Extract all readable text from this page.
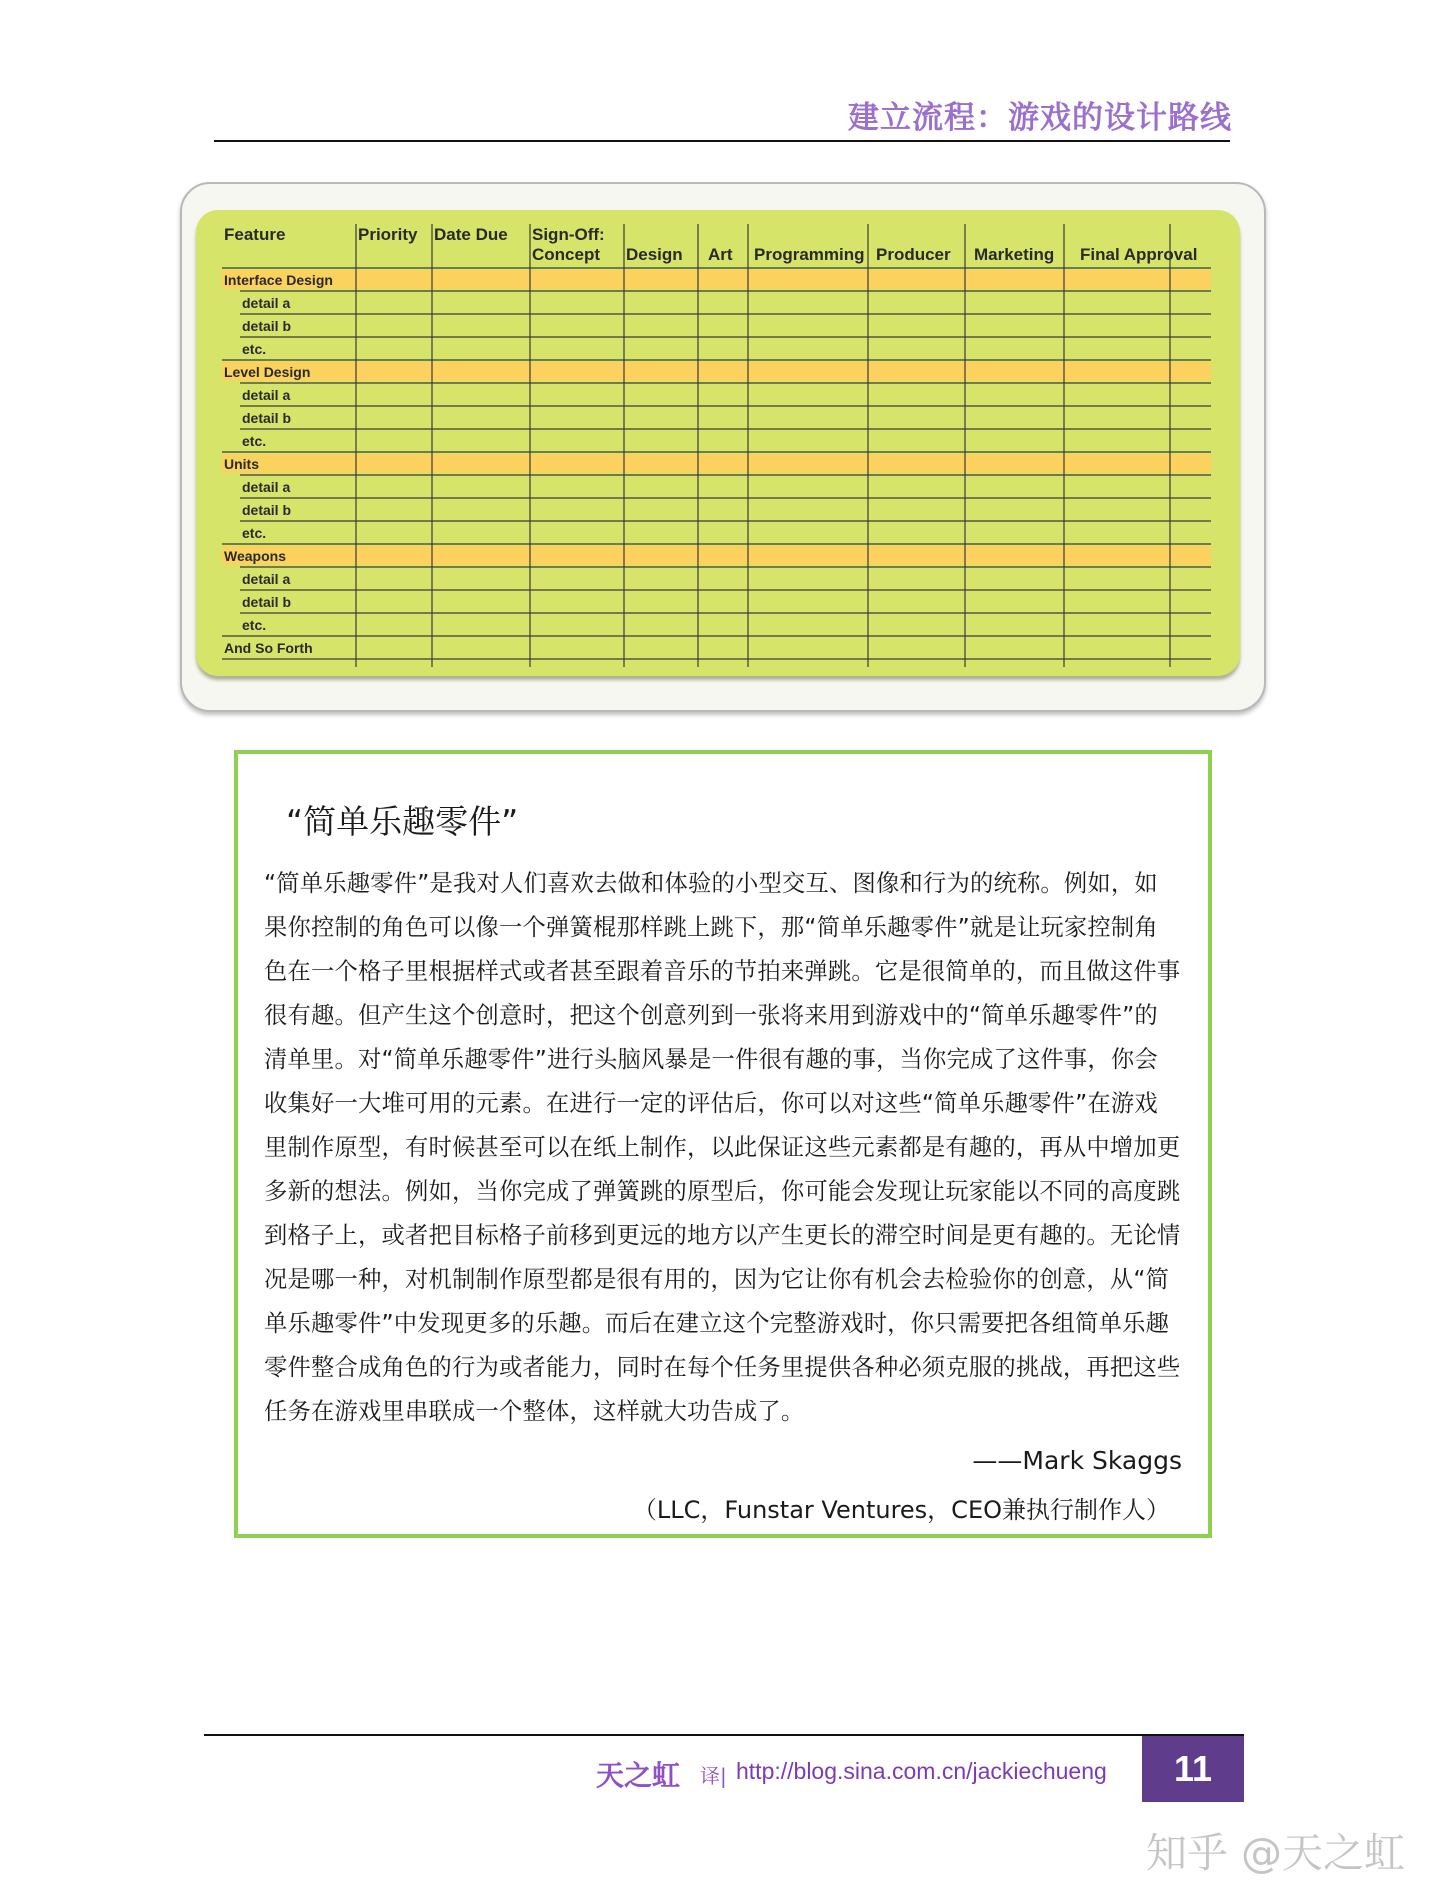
建立流程：游戏的设计路线
Feature	Priority Date Due Sign-Off:
Concept Design Art Programming Producer Marketing Final Approval
Interface Design
detail a
detail b
etc.
Level Design
detail a
detail b
etc.
Units
detail a
detail b
etc.
Weapons
detail a
detail b
etc.
And So Forth
“简单乐趣零件”
“简单乐趣零件”是我对人们喜欢去做和体验的小型交互、图像和行为的统称。例如，如
果你控制的角色可以像一个弹簧棍那样跳上跳下，那“简单乐趣零件”就是让玩家控制角
色在一个格子里根据样式或者甚至跟着音乐的节拍来弹跳。它是很简单的，而且做这件事
很有趣。但产生这个创意时，把这个创意列到一张将来用到游戏中的“简单乐趣零件”的
清单里。对“简单乐趣零件”进行头脑风暴是一件很有趣的事，当你完成了这件事，你会
收集好一大堆可用的元素。在进行一定的评估后，你可以对这些“简单乐趣零件”在游戏
里制作原型，有时候甚至可以在纸上制作，以此保证这些元素都是有趣的，再从中增加更
多新的想法。例如，当你完成了弹簧跳的原型后，你可能会发现让玩家能以不同的高度跳
到格子上，或者把目标格子前移到更远的地方以产生更长的滞空时间是更有趣的。无论情
况是哪一种，对机制制作原型都是很有用的，因为它让你有机会去检验你的创意，从“简
单乐趣零件”中发现更多的乐趣。而后在建立这个完整游戏时，你只需要把各组简单乐趣
零件整合成角色的行为或者能力，同时在每个任务里提供各种必须克服的挑战，再把这些
任务在游戏里串联成一个整体，这样就大功告成了。
——Mark Skaggs
（LLC，Funstar Ventures，CEO兼执行制作人）
天之虹 译| http://blog.sina.com.cn/jackiechueng	11
知乎 @天之虹
